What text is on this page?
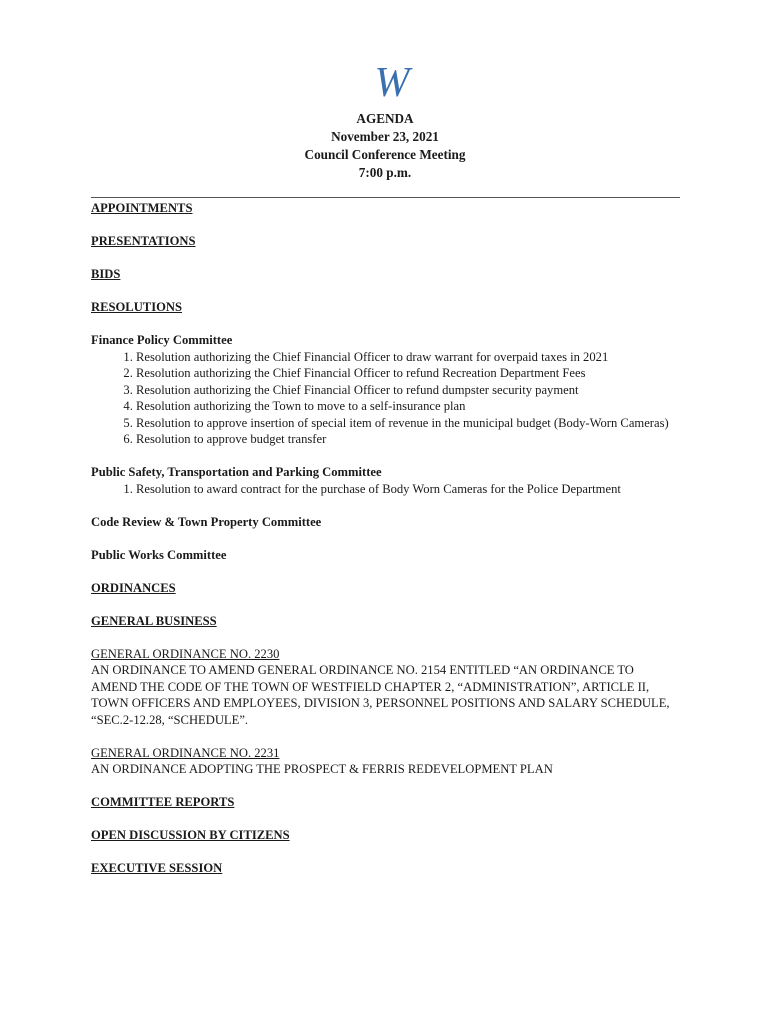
W
AGENDA
November 23, 2021
Council Conference Meeting
7:00 p.m.

APPOINTMENTS

PRESENTATIONS

BIDS

RESOLUTIONS

Finance Policy Committee

1. Resolution authorizing the Chief Financial Officer to draw warrant for overpaid taxes in 2021
2. Resolution authorizing the Chief Financial Officer to refund Recreation Department Fees
3. Resolution authorizing the Chief Financial Officer to refund dumpster security payment
4. Resolution authorizing the Town to move to a self-insurance plan
5. Resolution to approve insertion of special item of revenue in the municipal budget (Body-Worn Cameras)
6. Resolution to approve budget transfer

Public Safety, Transportation and Parking Committee

1. Resolution to award contract for the purchase of Body Worn Cameras for the Police Department

Code Review & Town Property Committee

Public Works Committee

ORDINANCES

GENERAL BUSINESS

GENERAL ORDINANCE NO. 2230

AN ORDINANCE TO AMEND GENERAL ORDINANCE NO. 2154 ENTITLED “AN ORDINANCE TO AMEND THE CODE OF THE TOWN OF WESTFIELD CHAPTER 2, “ADMINISTRATION”, ARTICLE II, TOWN OFFICERS AND EMPLOYEES, DIVISION 3, PERSONNEL POSITIONS AND SALARY SCHEDULE, “SEC.2-12.28, “SCHEDULE”.

GENERAL ORDINANCE NO. 2231

AN ORDINANCE ADOPTING THE PROSPECT & FERRIS REDEVELOPMENT PLAN

COMMITTEE REPORTS

OPEN DISCUSSION BY CITIZENS

EXECUTIVE SESSION
